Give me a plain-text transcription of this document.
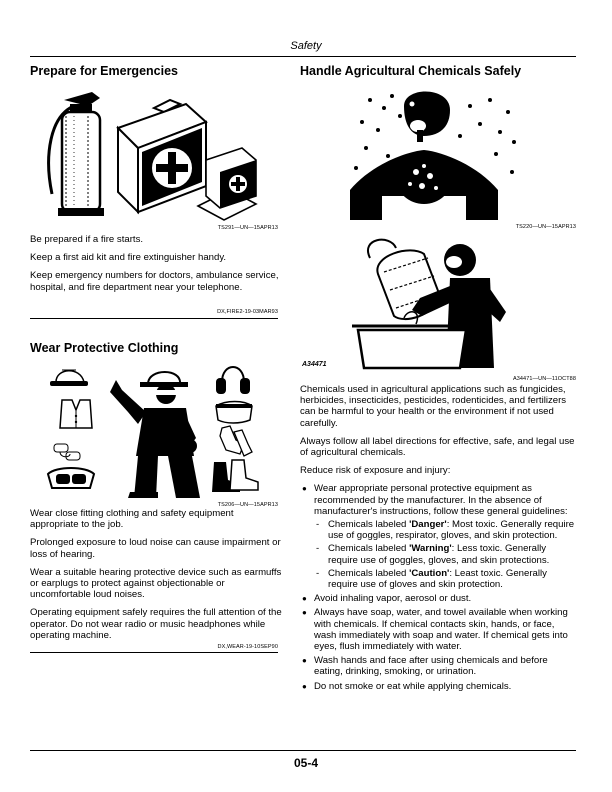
Safety
Prepare for Emergencies
TS291—UN—15APR13

Be prepared if a fire starts.

Keep a first aid kit and fire extinguisher handy.

Keep emergency numbers for doctors, ambulance service, hospital, and fire department near your telephone.

DX,FIRE2-19-03MAR93
Wear Protective Clothing
TS206—UN—15APR13

Wear close fitting clothing and safety equipment appropriate to the job.

Prolonged exposure to loud noise can cause impairment or loss of hearing.

Wear a suitable hearing protective device such as earmuffs or earplugs to protect against objectionable or uncomfortable loud noises.

Operating equipment safely requires the full attention of the operator. Do not wear radio or music headphones while operating machine.

DX,WEAR-19-10SEP90
Handle Agricultural Chemicals Safely
TS220—UN—15APR13
A34471
A34471—UN—11OCT88

Chemicals used in agricultural applications such as fungicides, herbicides, insecticides, pesticides, rodenticides, and fertilizers can be harmful to your health or the environment if not used carefully.

Always follow all label directions for effective, safe, and legal use of agricultural chemicals.

Reduce risk of exposure and injury:

● Wear appropriate personal protective equipment as recommended by the manufacturer. In the absence of manufacturer's instructions, follow these general guidelines:
- Chemicals labeled 'Danger': Most toxic. Generally require use of goggles, respirator, gloves, and skin protection.
- Chemicals labeled 'Warning': Less toxic. Generally require use of goggles, gloves, and skin protections.
- Chemicals labeled 'Caution': Least toxic. Generally require use of gloves and skin protection.
● Avoid inhaling vapor, aerosol or dust.
● Always have soap, water, and towel available when working with chemicals. If chemical contacts skin, hands, or face, wash immediately with soap and water. If chemical gets into eyes, flush immediately with water.
● Wash hands and face after using chemicals and before eating, drinking, smoking, or urination.
● Do not smoke or eat while applying chemicals.
05-4
